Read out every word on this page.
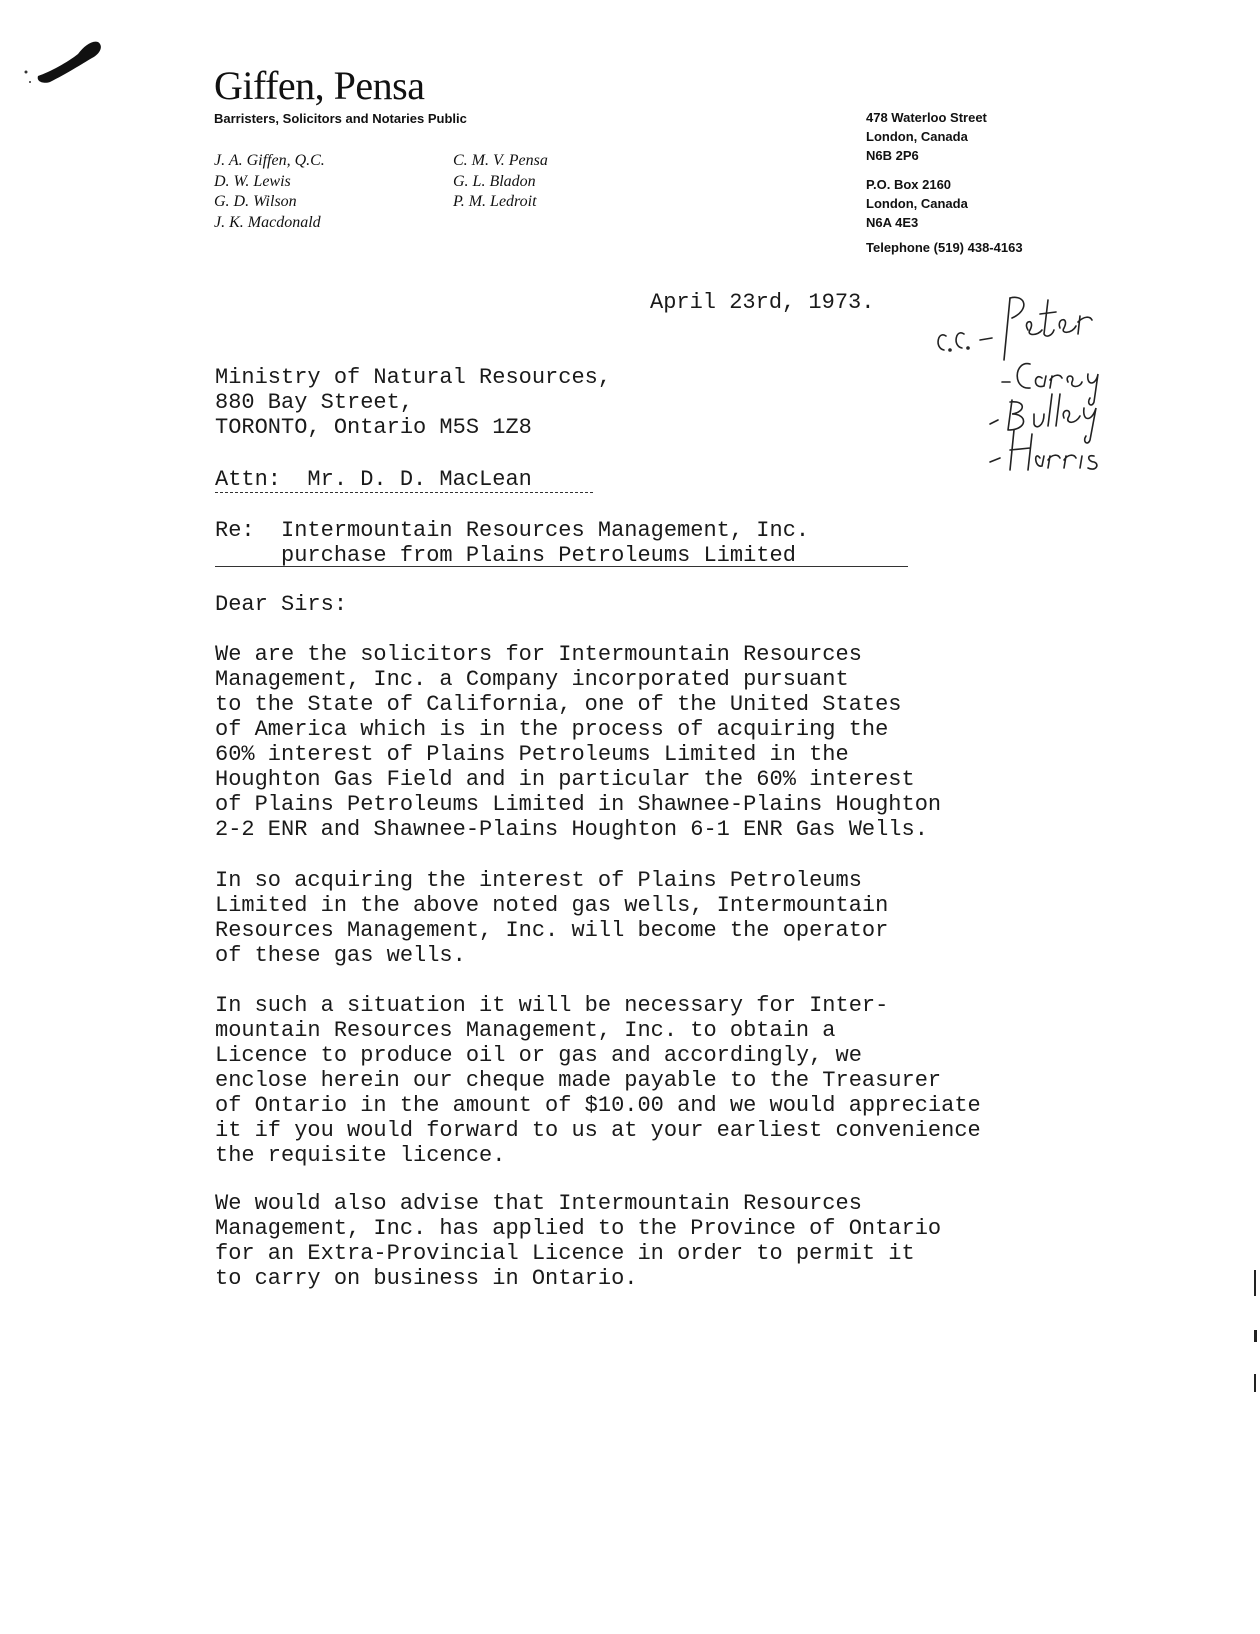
Giffen, Pensa
Barristers, Solicitors and Notaries Public
J. A. Giffen, Q.C.
D. W. Lewis
G. D. Wilson
J. K. Macdonald
C. M. V. Pensa
G. L. Bladon
P. M. Ledroit
478 Waterloo Street
London, Canada
N6B 2P6
P.O. Box 2160
London, Canada
N6A 4E3
Telephone (519) 438-4163
April 23rd, 1973.
Ministry of Natural Resources,
880 Bay Street,
TORONTO, Ontario M5S 1Z8
Attn:  Mr. D. D. MacLean
Re:  Intermountain Resources Management, Inc.
purchase from Plains Petroleums Limited
Dear Sirs:
We are the solicitors for Intermountain Resources
Management, Inc. a Company incorporated pursuant
to the State of California, one of the United States
of America which is in the process of acquiring the
60% interest of Plains Petroleums Limited in the
Houghton Gas Field and in particular the 60% interest
of Plains Petroleums Limited in Shawnee-Plains Houghton
2-2 ENR and Shawnee-Plains Houghton 6-1 ENR Gas Wells.
In so acquiring the interest of Plains Petroleums
Limited in the above noted gas wells, Intermountain
Resources Management, Inc. will become the operator
of these gas wells.
In such a situation it will be necessary for Inter-
mountain Resources Management, Inc. to obtain a
Licence to produce oil or gas and accordingly, we
enclose herein our cheque made payable to the Treasurer
of Ontario in the amount of $10.00 and we would appreciate
it if you would forward to us at your earliest convenience
the requisite licence.
We would also advise that Intermountain Resources
Management, Inc. has applied to the Province of Ontario
for an Extra-Provincial Licence in order to permit it
to carry on business in Ontario.
